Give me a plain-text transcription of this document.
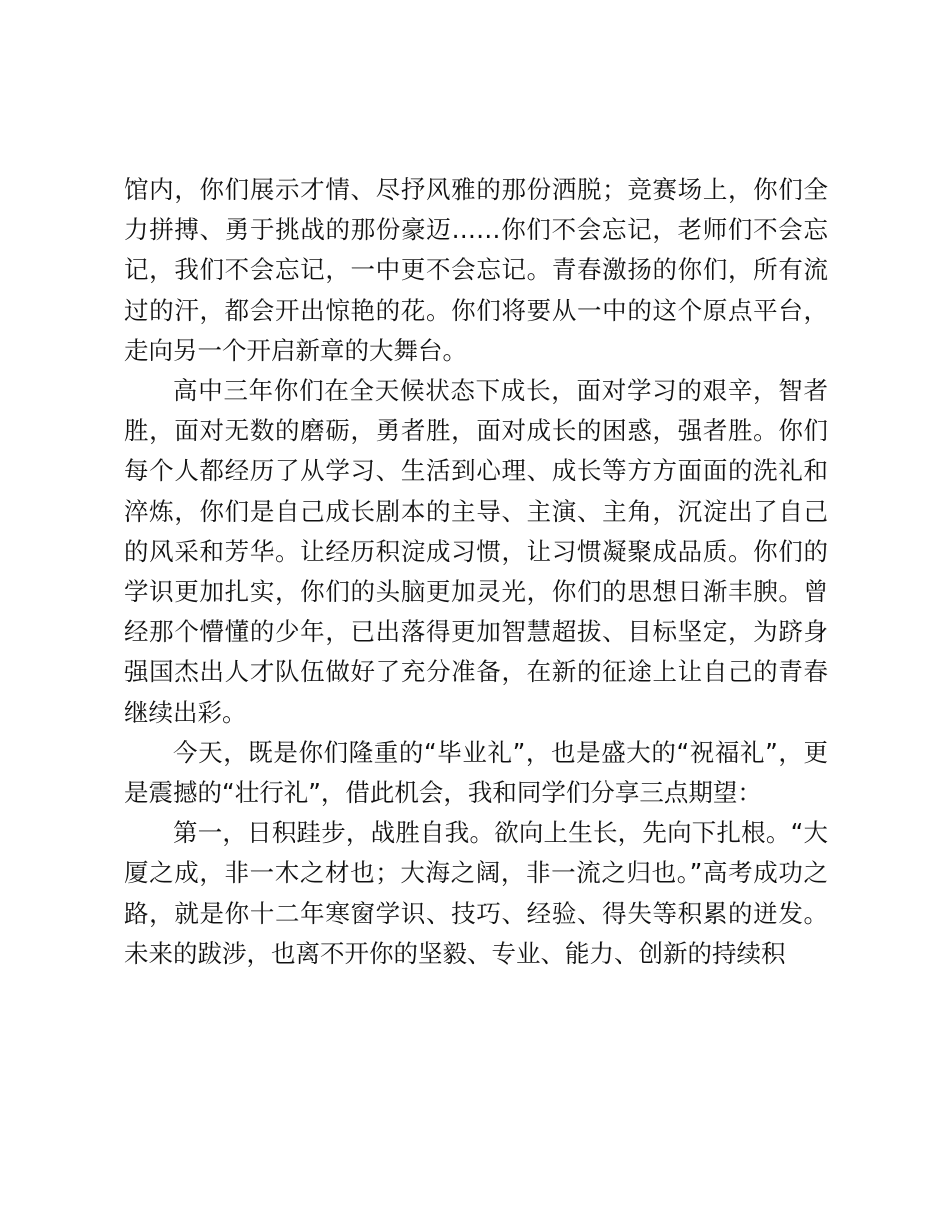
馆内，你们展示才情、尽抒风雅的那份洒脱；竞赛场上，你们全力拼搏、勇于挑战的那份豪迈……你们不会忘记，老师们不会忘记，我们不会忘记，一中更不会忘记。青春激扬的你们，所有流过的汗，都会开出惊艳的花。你们将要从一中的这个原点平台，走向另一个开启新章的大舞台。

高中三年你们在全天候状态下成长，面对学习的艰辛，智者胜，面对无数的磨砺，勇者胜，面对成长的困惑，强者胜。你们每个人都经历了从学习、生活到心理、成长等方方面面的洗礼和淬炼，你们是自己成长剧本的主导、主演、主角，沉淀出了自己的风采和芳华。让经历积淀成习惯，让习惯凝聚成品质。你们的学识更加扎实，你们的头脑更加灵光，你们的思想日渐丰腴。曾经那个懵懂的少年，已出落得更加智慧超拔、目标坚定，为跻身强国杰出人才队伍做好了充分准备，在新的征途上让自己的青春继续出彩。

今天，既是你们隆重的“毕业礼”，也是盛大的“祝福礼”，更是震撼的“壮行礼”，借此机会，我和同学们分享三点期望：

第一，日积跬步，战胜自我。欲向上生长，先向下扎根。“大厦之成，非一木之材也；大海之阔，非一流之归也。”高考成功之路，就是你十二年寒窗学识、技巧、经验、得失等积累的迸发。未来的跋涉，也离不开你的坚毅、专业、能力、创新的持续积
